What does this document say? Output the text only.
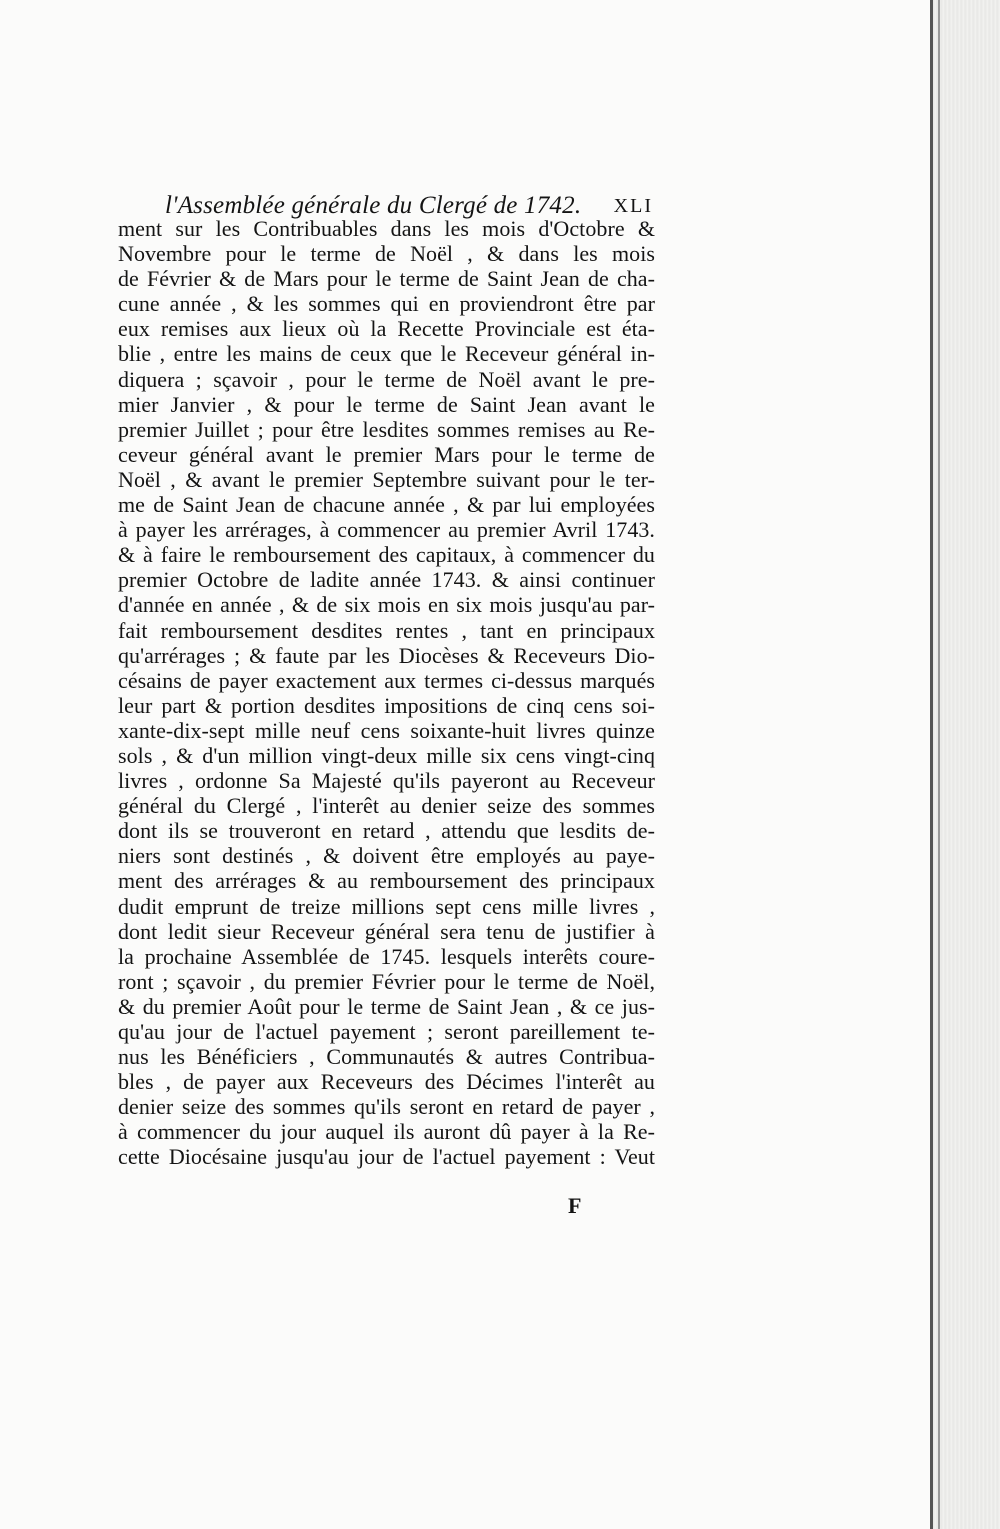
l'Assemblée générale du Clergé de 1742. XLI
ment sur les Contribuables dans les mois d'Octobre &
Novembre pour le terme de Noël , & dans les mois
de Février & de Mars pour le terme de Saint Jean de cha-
cune année , & les sommes qui en proviendront être par
eux remises aux lieux où la Recette Provinciale est éta-
blie , entre les mains de ceux que le Receveur général in-
diquera ; sçavoir , pour le terme de Noël avant le pre-
mier Janvier , & pour le terme de Saint Jean avant le
premier Juillet ; pour être lesdites sommes remises au Re-
ceveur général avant le premier Mars pour le terme de
Noël , & avant le premier Septembre suivant pour le ter-
me de Saint Jean de chacune année , & par lui employées
à payer les arrérages, à commencer au premier Avril 1743.
& à faire le remboursement des capitaux, à commencer du
premier Octobre de ladite année 1743. & ainsi continuer
d'année en année , & de six mois en six mois jusqu'au par-
fait remboursement desdites rentes , tant en principaux
qu'arrérages ; & faute par les Diocèses & Receveurs Dio-
césains de payer exactement aux termes ci-dessus marqués
leur part & portion desdites impositions de cinq cens soi-
xante-dix-sept mille neuf cens soixante-huit livres quinze
sols , & d'un million vingt-deux mille six cens vingt-cinq
livres , ordonne Sa Majesté qu'ils payeront au Receveur
général du Clergé , l'interêt au denier seize des sommes
dont ils se trouveront en retard , attendu que lesdits de-
niers sont destinés , & doivent être employés au paye-
ment des arrérages & au remboursement des principaux
dudit emprunt de treize millions sept cens mille livres ,
dont ledit sieur Receveur général sera tenu de justifier à
la prochaine Assemblée de 1745. lesquels interêts coure-
ront ; sçavoir , du premier Février pour le terme de Noël,
& du premier Août pour le terme de Saint Jean , & ce jus-
qu'au jour de l'actuel payement ; seront pareillement te-
nus les Bénéficiers , Communautés & autres Contribua-
bles , de payer aux Receveurs des Décimes l'interêt au
denier seize des sommes qu'ils seront en retard de payer ,
à commencer du jour auquel ils auront dû payer à la Re-
cette Diocésaine jusqu'au jour de l'actuel payement : Veut
F
